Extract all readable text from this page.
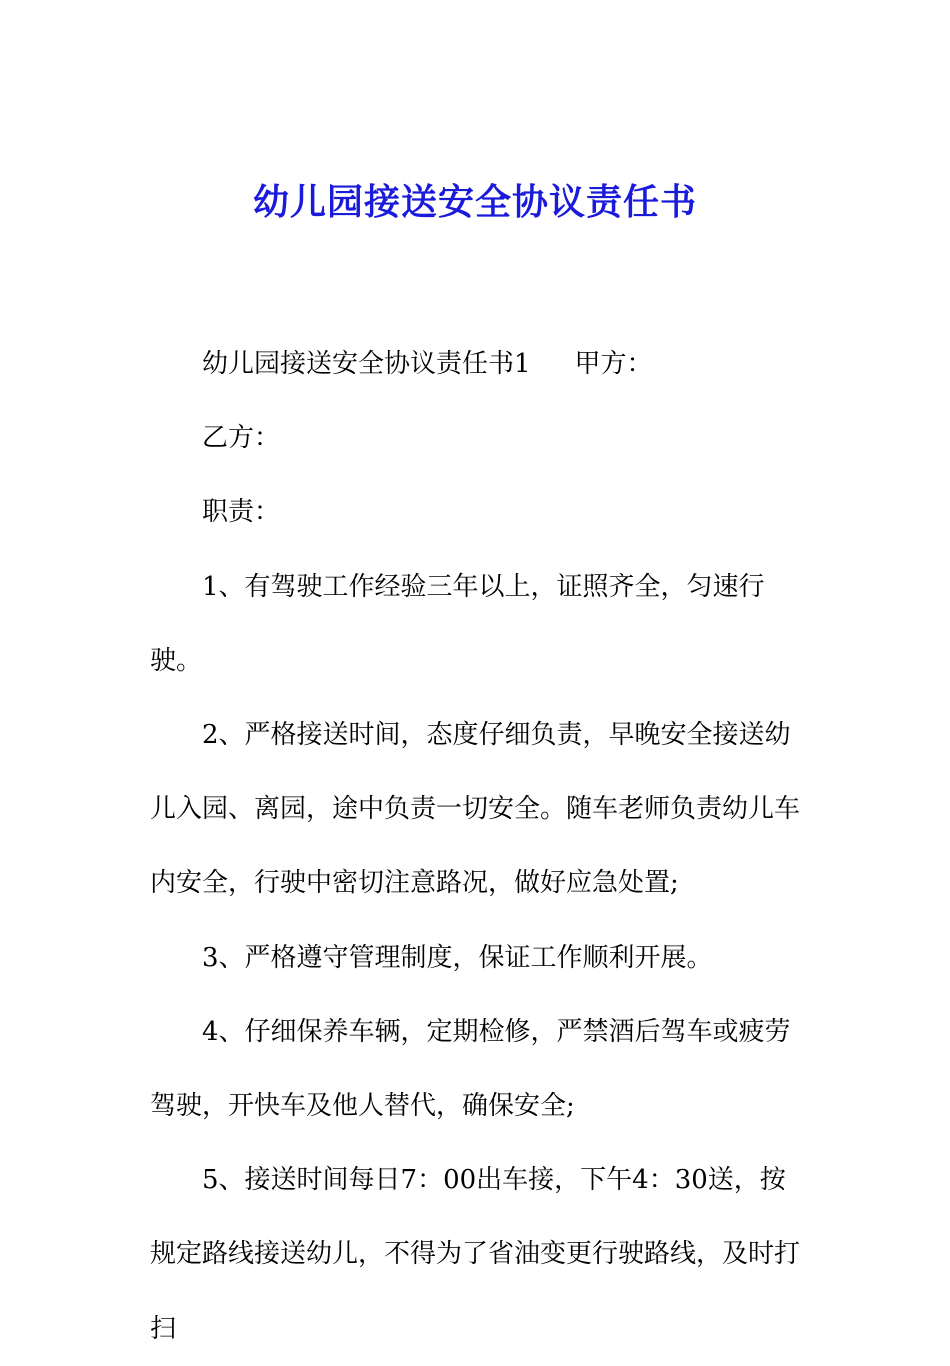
幼儿园接送安全协议责任书

幼儿园接送安全协议责任书1 甲方：

乙方：

职责：

1、有驾驶工作经验三年以上，证照齐全，匀速行驶。

2、严格接送时间，态度仔细负责，早晚安全接送幼儿入园、离园，途中负责一切安全。随车老师负责幼儿车内安全，行驶中密切注意路况，做好应急处置;

3、严格遵守管理制度，保证工作顺利开展。

4、仔细保养车辆，定期检修，严禁酒后驾车或疲劳驾驶，开快车及他人替代，确保安全;

5、接送时间每日7：00出车接，下午4：30送，按规定路线接送幼儿，不得为了省油变更行驶路线，及时打扫
